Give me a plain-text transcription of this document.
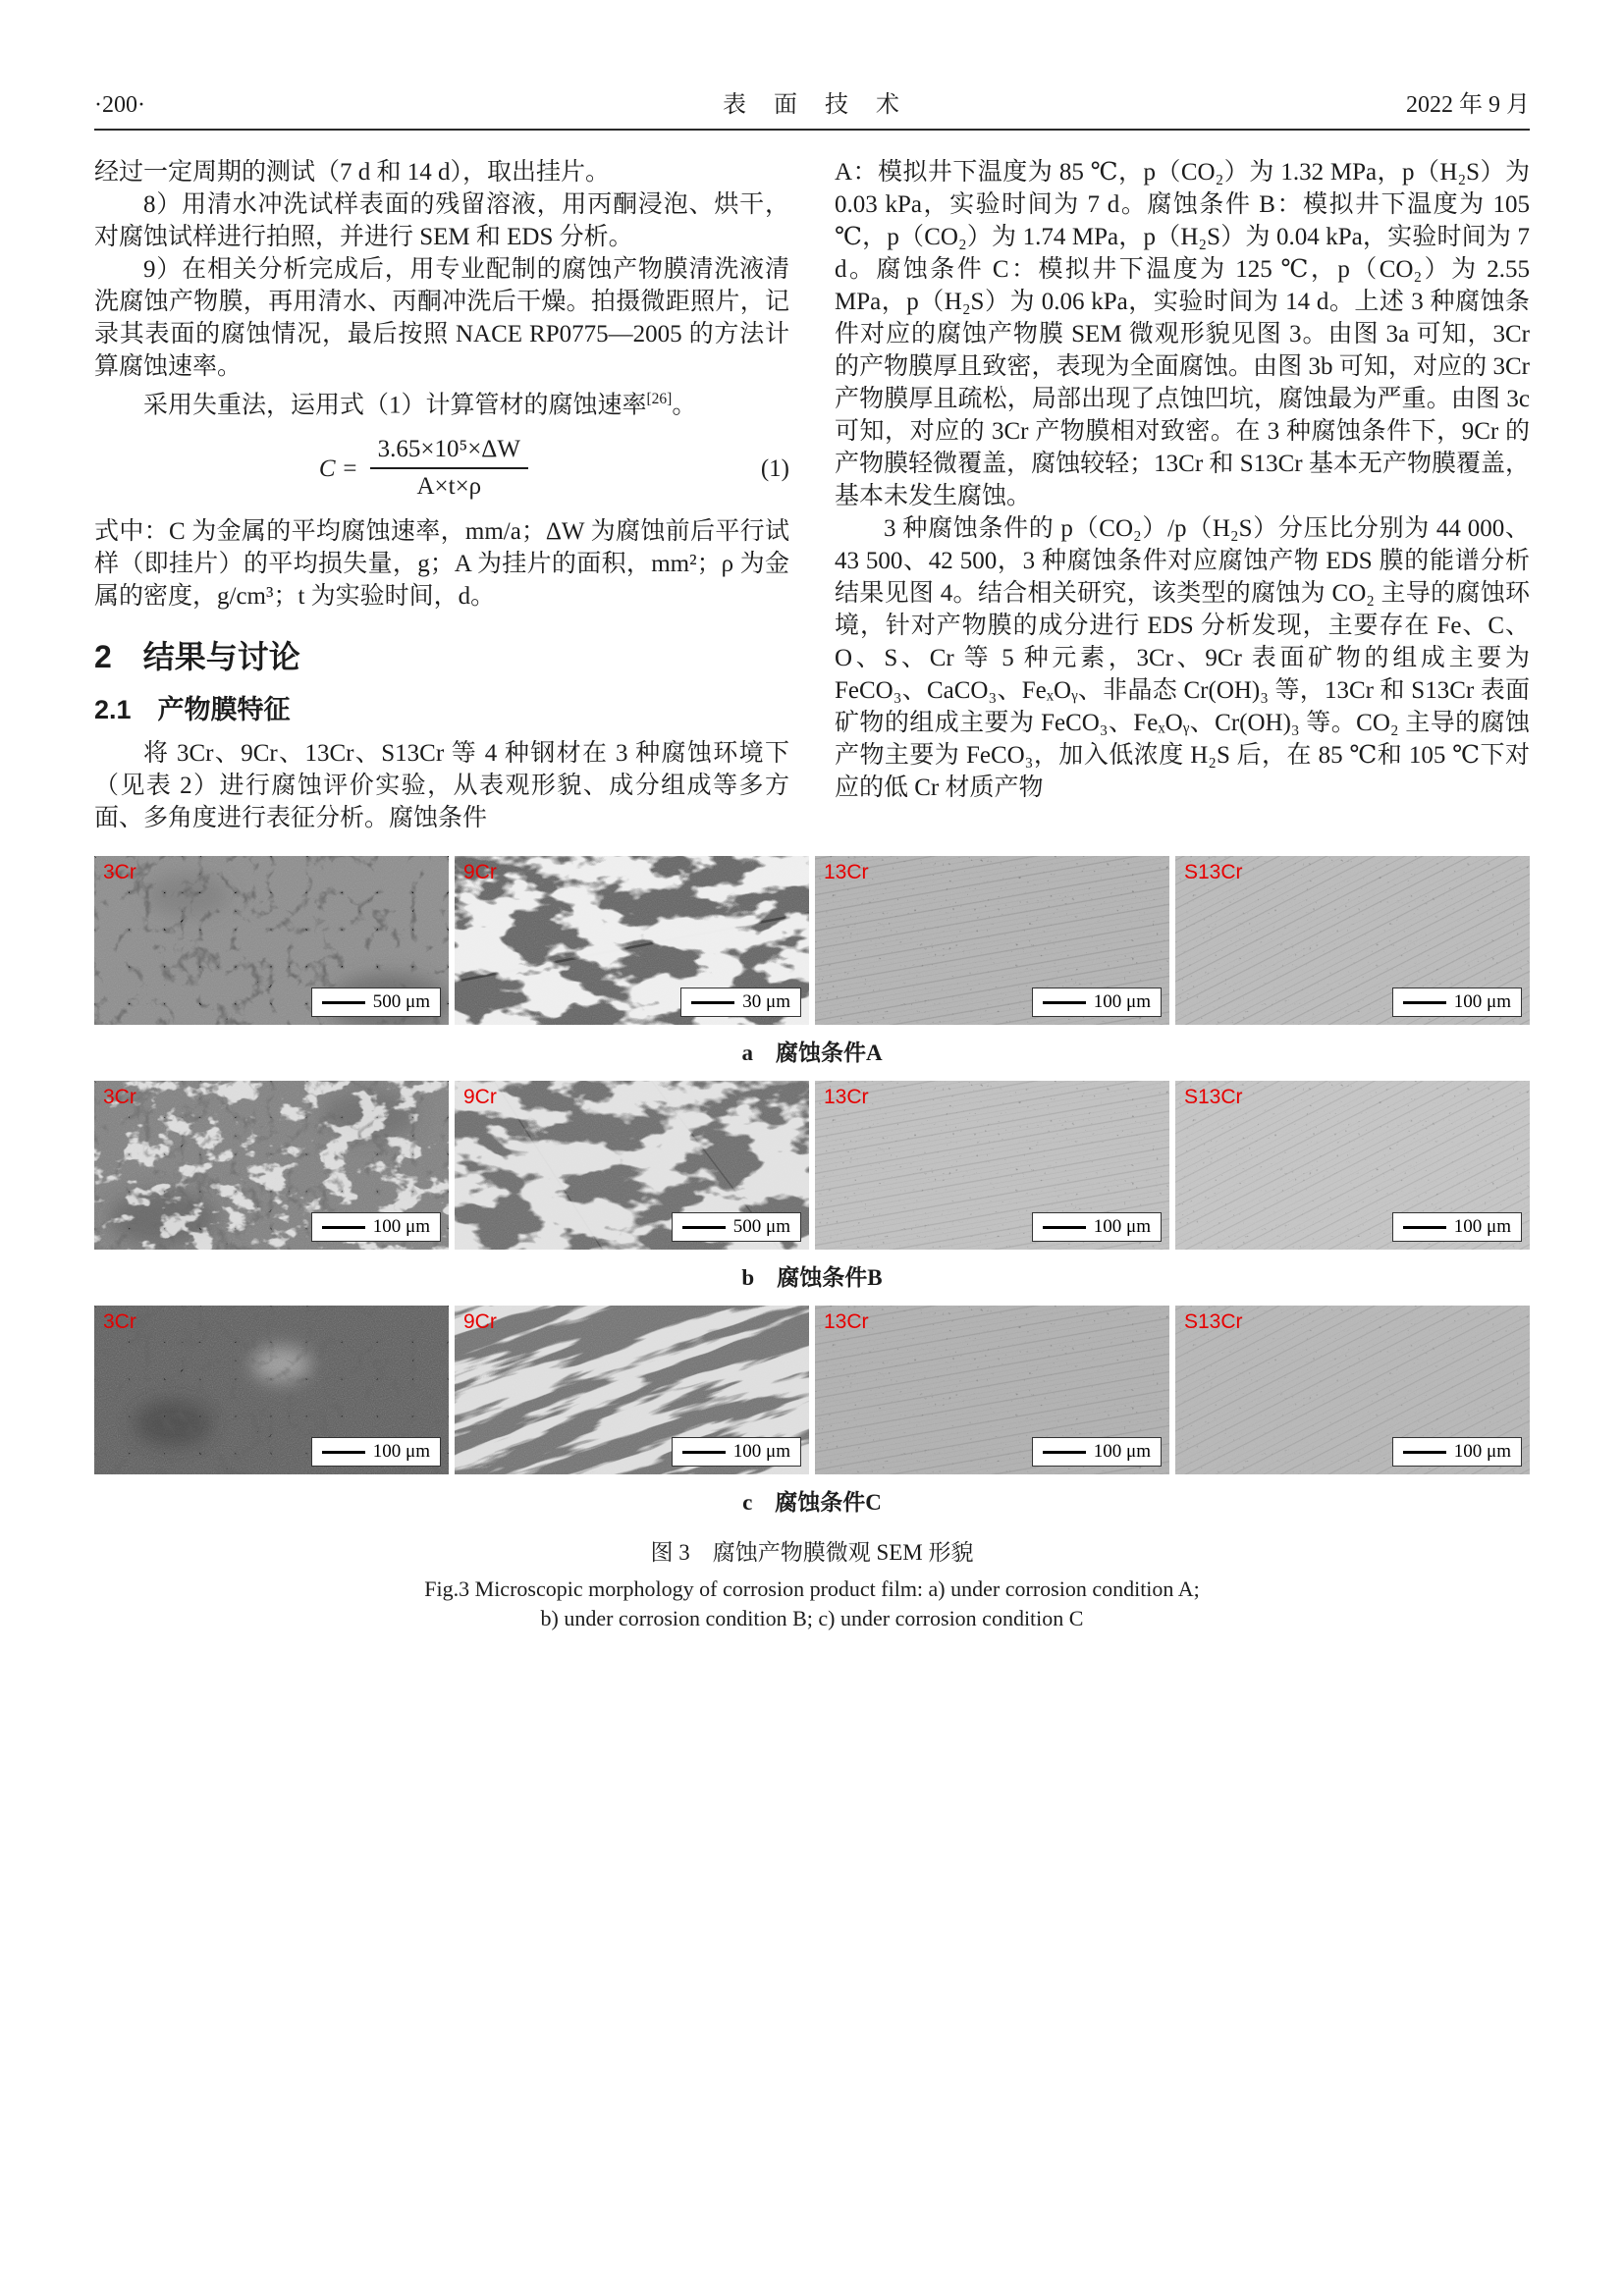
·200·	表　面　技　术	2022 年 9 月

经过一定周期的测试（7 d 和 14 d），取出挂片。

8）用清水冲洗试样表面的残留溶液，用丙酮浸泡、烘干，对腐蚀试样进行拍照，并进行 SEM 和 EDS 分析。

9）在相关分析完成后，用专业配制的腐蚀产物膜清洗液清洗腐蚀产物膜，再用清水、丙酮冲洗后干燥。拍摄微距照片，记录其表面的腐蚀情况，最后按照 NACE RP0775—2005 的方法计算腐蚀速率。

采用失重法，运用式（1）计算管材的腐蚀速率[26]。

$C = \frac{\text{3.65×10⁵×ΔW}}{A\times t\times\rho}$	(1)

式中：C 为金属的平均腐蚀速率，mm/a；ΔW 为腐蚀前后平行试样（即挂片）的平均损失量，g；A 为挂片的面积，mm²；ρ 为金属的密度，g/cm³；t 为实验时间，d。

2　结果与讨论
2.1　产物膜特征

将 3Cr、9Cr、13Cr、S13Cr 等 4 种钢材在 3 种腐蚀环境下（见表 2）进行腐蚀评价实验，从表观形貌、成分组成等多方面、多角度进行表征分析。腐蚀条件

A：模拟井下温度为 85 ℃，p（CO₂）为 1.32 MPa，p（H₂S）为 0.03 kPa，实验时间为 7 d。腐蚀条件 B：模拟井下温度为 105 ℃，p（CO₂）为 1.74 MPa，p（H₂S）为 0.04 kPa，实验时间为 7 d。腐蚀条件 C：模拟井下温度为 125 ℃，p（CO₂）为 2.55 MPa，p（H₂S）为 0.06 kPa，实验时间为 14 d。上述 3 种腐蚀条件对应的腐蚀产物膜 SEM 微观形貌见图 3。由图 3a 可知，3Cr 的产物膜厚且致密，表现为全面腐蚀。由图 3b 可知，对应的 3Cr 产物膜厚且疏松，局部出现了点蚀凹坑，腐蚀最为严重。由图 3c 可知，对应的 3Cr 产物膜相对致密。在 3 种腐蚀条件下，9Cr 的产物膜轻微覆盖，腐蚀较轻；13Cr 和 S13Cr 基本无产物膜覆盖，基本未发生腐蚀。

3 种腐蚀条件的 p（CO₂）/p（H₂S）分压比分别为 44 000、43 500、42 500，3 种腐蚀条件对应腐蚀产物 EDS 膜的能谱分析结果见图 4。结合相关研究，该类型的腐蚀为 CO₂ 主导的腐蚀环境，针对产物膜的成分进行 EDS 分析发现，主要存在 Fe、C、O、S、Cr 等 5 种元素，3Cr、9Cr 表面矿物的组成主要为 FeCO₃、CaCO₃、FeₓOᵧ、非晶态 Cr(OH)₃ 等，13Cr 和 S13Cr 表面矿物的组成主要为 FeCO₃、FeₓOᵧ、Cr(OH)₃ 等。CO₂ 主导的腐蚀产物主要为 FeCO₃，加入低浓度 H₂S 后，在 85 ℃和 105 ℃下对应的低 Cr 材质产物

3Cr
500 μm
9Cr
30 μm
13Cr
100 μm
S13Cr
100 μm
a　腐蚀条件A
3Cr
100 μm
9Cr
500 μm
13Cr
100 μm
S13Cr
100 μm
b　腐蚀条件B
3Cr
100 μm
9Cr
100 μm
13Cr
100 μm
S13Cr
100 μm
c　腐蚀条件C
图 3　腐蚀产物膜微观 SEM 形貌
Fig.3 Microscopic morphology of corrosion product film: a) under corrosion condition A;
b) under corrosion condition B; c) under corrosion condition C
